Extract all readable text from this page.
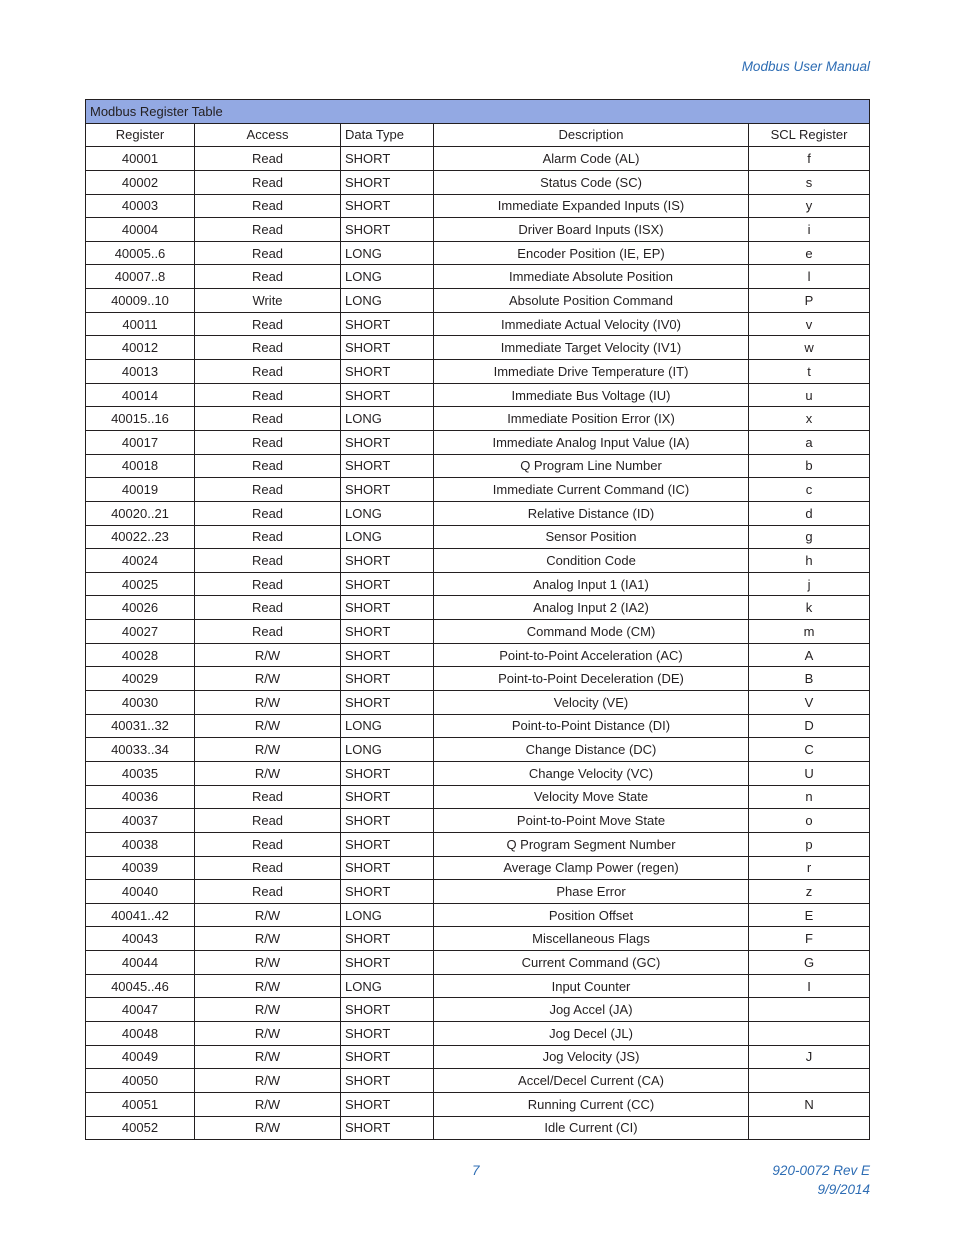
Modbus User Manual
Modbus Register Table				
Register	Access	Data Type	Description	SCL Register
40001	Read	SHORT	Alarm Code (AL)	f
40002	Read	SHORT	Status Code (SC)	s
40003	Read	SHORT	Immediate Expanded Inputs (IS)	y
40004	Read	SHORT	Driver Board Inputs (ISX)	i
40005..6	Read	LONG	Encoder Position (IE, EP)	e
40007..8	Read	LONG	Immediate Absolute Position	l
40009..10	Write	LONG	Absolute Position Command	P
40011	Read	SHORT	Immediate Actual Velocity (IV0)	v
40012	Read	SHORT	Immediate Target Velocity (IV1)	w
40013	Read	SHORT	Immediate Drive Temperature (IT)	t
40014	Read	SHORT	Immediate Bus Voltage (IU)	u
40015..16	Read	LONG	Immediate Position Error (IX)	x
40017	Read	SHORT	Immediate Analog Input Value (IA)	a
40018	Read	SHORT	Q Program Line Number	b
40019	Read	SHORT	Immediate Current Command (IC)	c
40020..21	Read	LONG	Relative Distance (ID)	d
40022..23	Read	LONG	Sensor Position	g
40024	Read	SHORT	Condition Code	h
40025	Read	SHORT	Analog Input 1 (IA1)	j
40026	Read	SHORT	Analog Input 2 (IA2)	k
40027	Read	SHORT	Command Mode (CM)	m
40028	R/W	SHORT	Point-to-Point Acceleration (AC)	A
40029	R/W	SHORT	Point-to-Point Deceleration (DE)	B
40030	R/W	SHORT	Velocity (VE)	V
40031..32	R/W	LONG	Point-to-Point Distance (DI)	D
40033..34	R/W	LONG	Change Distance (DC)	C
40035	R/W	SHORT	Change Velocity (VC)	U
40036	Read	SHORT	Velocity Move State	n
40037	Read	SHORT	Point-to-Point Move State	o
40038	Read	SHORT	Q Program Segment Number	p
40039	Read	SHORT	Average Clamp Power (regen)	r
40040	Read	SHORT	Phase Error	z
40041..42	R/W	LONG	Position Offset	E
40043	R/W	SHORT	Miscellaneous Flags	F
40044	R/W	SHORT	Current Command (GC)	G
40045..46	R/W	LONG	Input Counter	I
40047	R/W	SHORT	Jog Accel (JA)	
40048	R/W	SHORT	Jog Decel (JL)	
40049	R/W	SHORT	Jog Velocity (JS)	J
40050	R/W	SHORT	Accel/Decel Current (CA)	
40051	R/W	SHORT	Running Current (CC)	N
40052	R/W	SHORT	Idle Current (CI)	
7	920-0072 Rev E
9/9/2014
